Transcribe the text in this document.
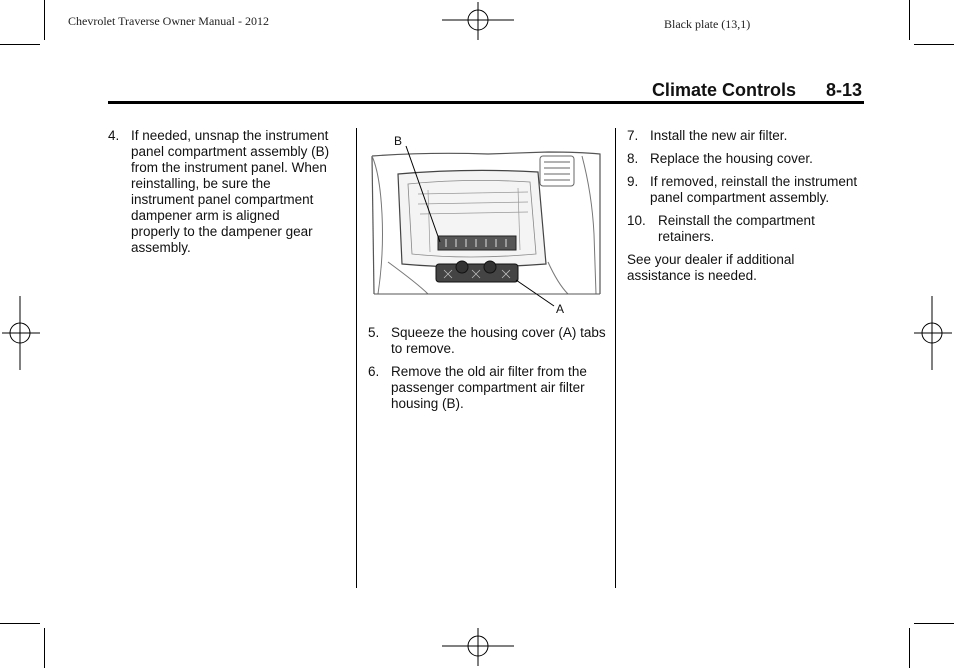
Chevrolet Traverse Owner Manual - 2012	Black plate (13,1)
Climate Controls 8-13
4. If needed, unsnap the instrument panel compartment assembly (B) from the instrument panel. When reinstalling, be sure the instrument panel compartment dampener arm is aligned properly to the dampener gear assembly.
B
A
5. Squeeze the housing cover (A) tabs to remove.
6. Remove the old air filter from the passenger compartment air filter housing (B).
7. Install the new air filter.
8. Replace the housing cover.
9. If removed, reinstall the instrument panel compartment assembly.
10. Reinstall the compartment retainers.
See your dealer if additional assistance is needed.
